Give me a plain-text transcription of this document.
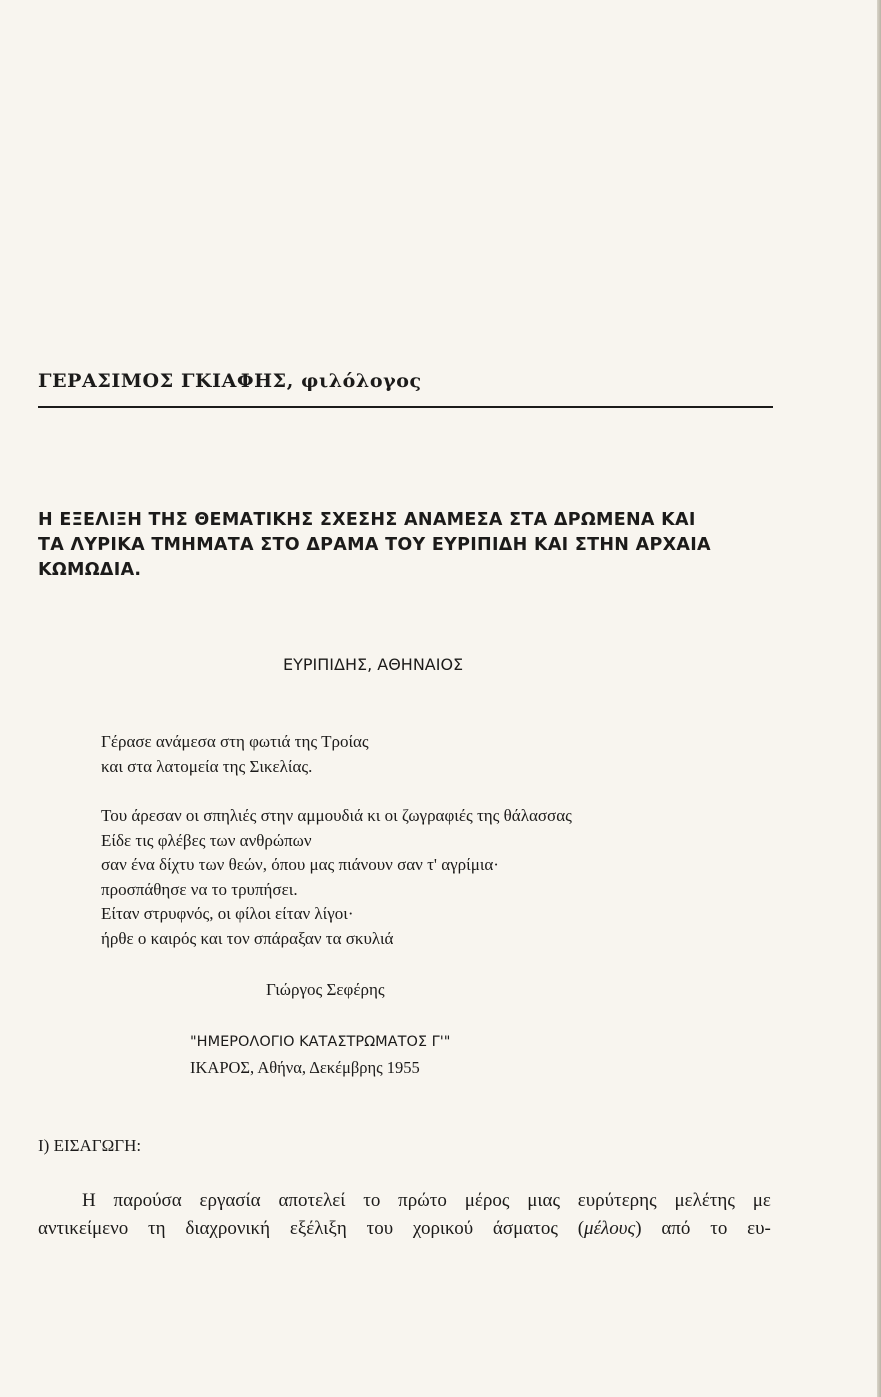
ΓΕΡΑΣΙΜΟΣ ΓΚΙΑΦΗΣ, φιλόλογος
Η ΕΞΕΛΙΞΗ ΤΗΣ ΘΕΜΑΤΙΚΗΣ ΣΧΕΣΗΣ ΑΝΑΜΕΣΑ ΣΤΑ ΔΡΩΜΕΝΑ ΚΑΙ
ΤΑ ΛΥΡΙΚΑ ΤΜΗΜΑΤΑ ΣΤΟ ΔΡΑΜΑ ΤΟΥ ΕΥΡΙΠΙΔΗ ΚΑΙ ΣΤΗΝ ΑΡΧΑΙΑ
ΚΩΜΩΔΙΑ.
ΕΥΡΙΠΙΔΗΣ, ΑΘΗΝΑΙΟΣ
Γέρασε ανάμεσα στη φωτιά της Τροίας
και στα λατομεία της Σικελίας.
Του άρεσαν οι σπηλιές στην αμμουδιά κι οι ζωγραφιές της θάλασσας
Είδε τις φλέβες των ανθρώπων
σαν ένα δίχτυ των θεών, όπου μας πιάνουν σαν τ' αγρίμια·
προσπάθησε να το τρυπήσει.
Είταν στρυφνός, οι φίλοι είταν λίγοι·
ήρθε ο καιρός και τον σπάραξαν τα σκυλιά
Γιώργος Σεφέρης
"ΗΜΕΡΟΛΟΓΙΟ ΚΑΤΑΣΤΡΩΜΑΤΟΣ Γ'"
ΙΚΑΡΟΣ, Αθήνα, Δεκέμβρης 1955
Ι) ΕΙΣΑΓΩΓΗ:
Η παρούσα εργασία αποτελεί το πρώτο μέρος μιας ευρύτερης μελέτης με
αντικείμενο τη διαχρονική εξέλιξη του χορικού άσματος (μέλους) από το ευ-
